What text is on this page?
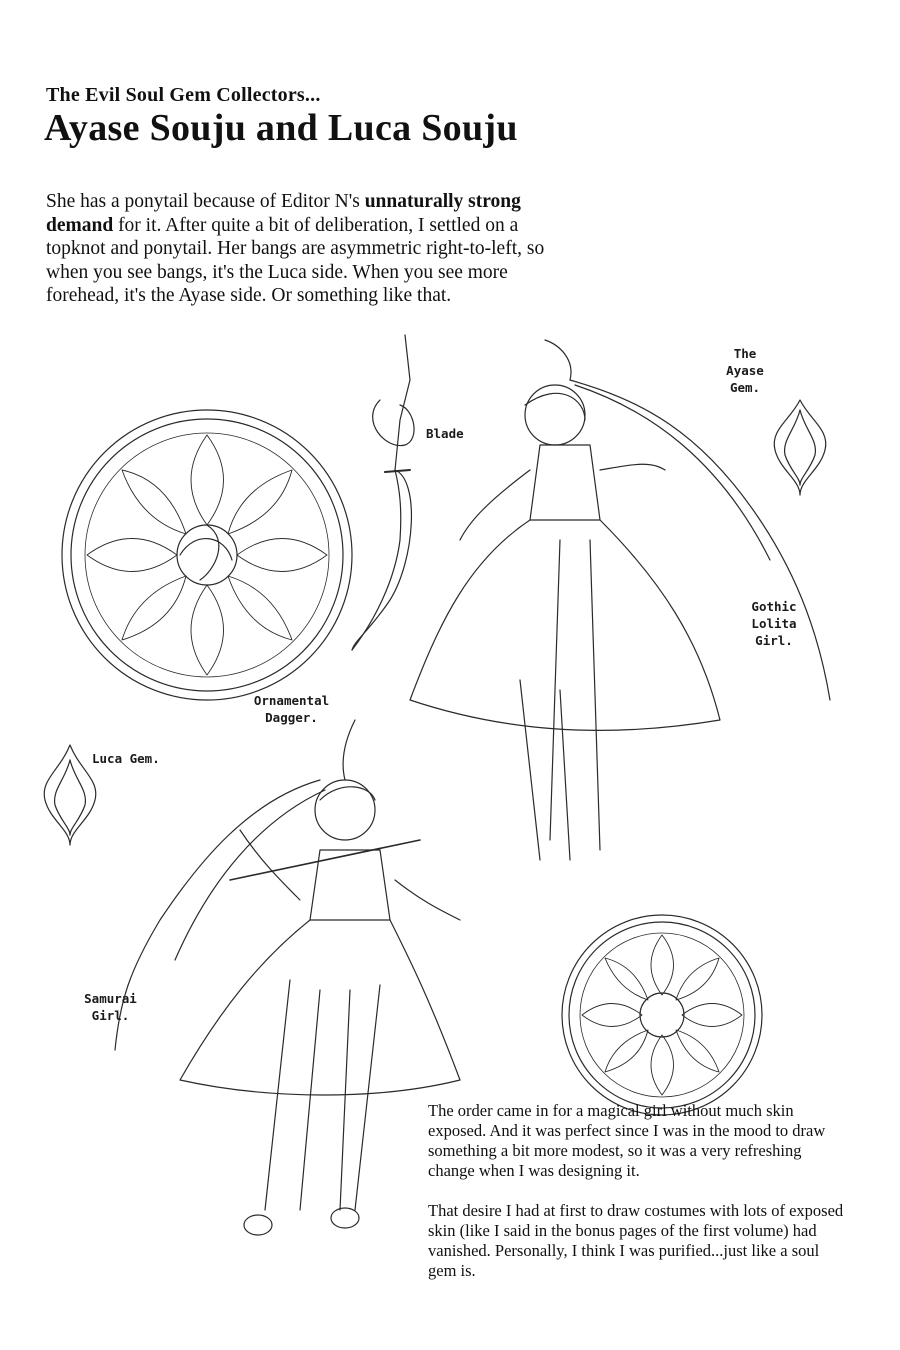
The Evil Soul Gem Collectors...
Ayase Souju and Luca Souju

She has a ponytail because of Editor N's unnaturally strong demand for it. After quite a bit of deliberation, I settled on a topknot and ponytail. Her bangs are asymmetric right-to-left, so when you see bangs, it's the Luca side. When you see more forehead, it's the Ayase side. Or something like that.

Blade
The
Ayase
Gem.
Gothic
Lolita
Girl.
Ornamental
Dagger.
Luca Gem.
Samurai
Girl.

The order came in for a magical girl without much skin exposed. And it was perfect since I was in the mood to draw something a bit more modest, so it was a very refreshing change when I was designing it.

That desire I had at first to draw costumes with lots of exposed skin (like I said in the bonus pages of the first volume) had vanished. Personally, I think I was purified...just like a soul gem is.
